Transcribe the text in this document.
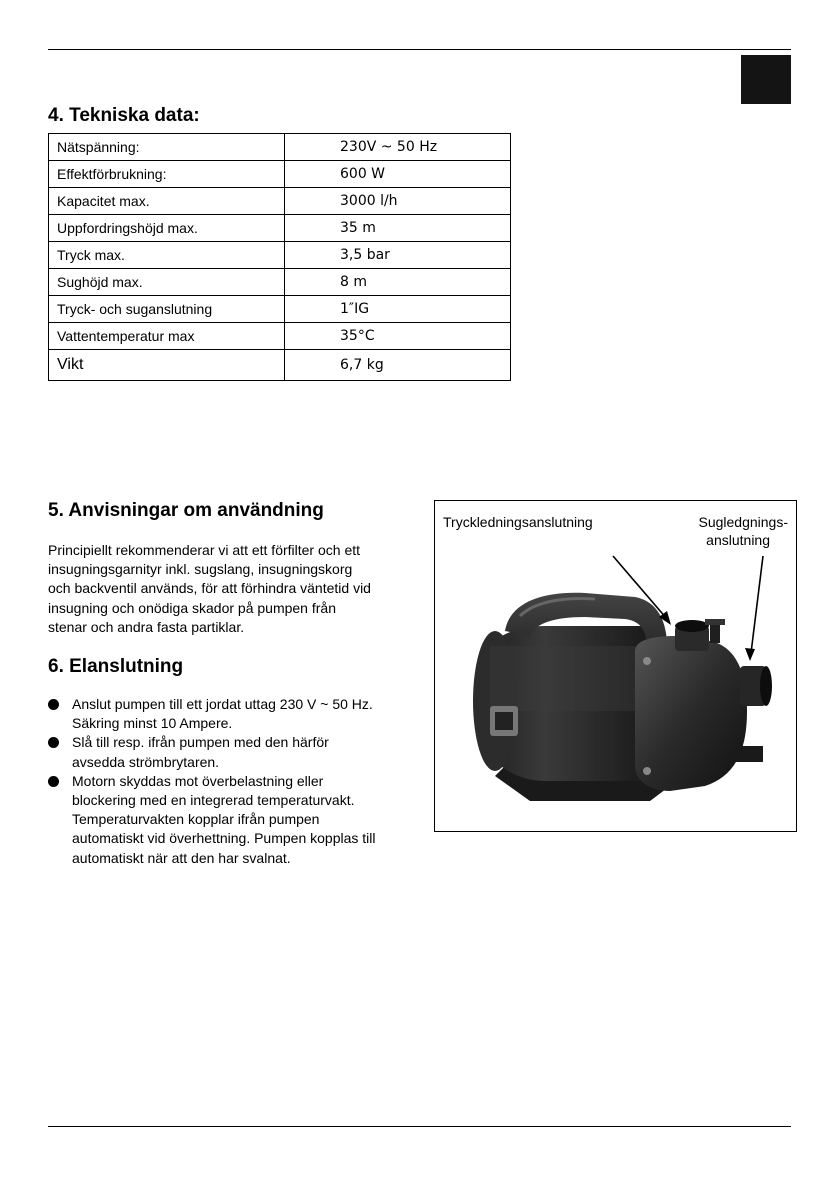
4. Tekniska data:
Nätspänning:	230V ~ 50 Hz
Effektförbrukning:	600 W
Kapacitet max.	3000 l/h
Uppfordringshöjd max.	35 m
Tryck max.	3,5 bar
Sughöjd max.	8 m
Tryck- och suganslutning	1″IG
Vattentemperatur max	35°C
Vikt	6,7 kg
5. Anvisningar om användning

Principiellt rekommenderar vi att ett förfilter och ett
insugningsgarnityr inkl. sugslang, insugningskorg
och backventil används, för att förhindra väntetid vid
insugning och onödiga skador på pumpen från
stenar och andra fasta partiklar.

6. Elanslutning
Anslut pumpen till ett jordat uttag 230 V ~ 50 Hz.
Säkring minst 10 Ampere.
Slå till resp. ifrån pumpen med den härför
avsedda strömbrytaren.
Motorn skyddas mot överbelastning eller
blockering med en integrerad temperaturvakt.
Temperaturvakten kopplar ifrån pumpen
automatiskt vid överhettning. Pumpen kopplas till
automatiskt när att den har svalnat.
Tryckledningsanslutning	Sugledgnings-
anslutning
